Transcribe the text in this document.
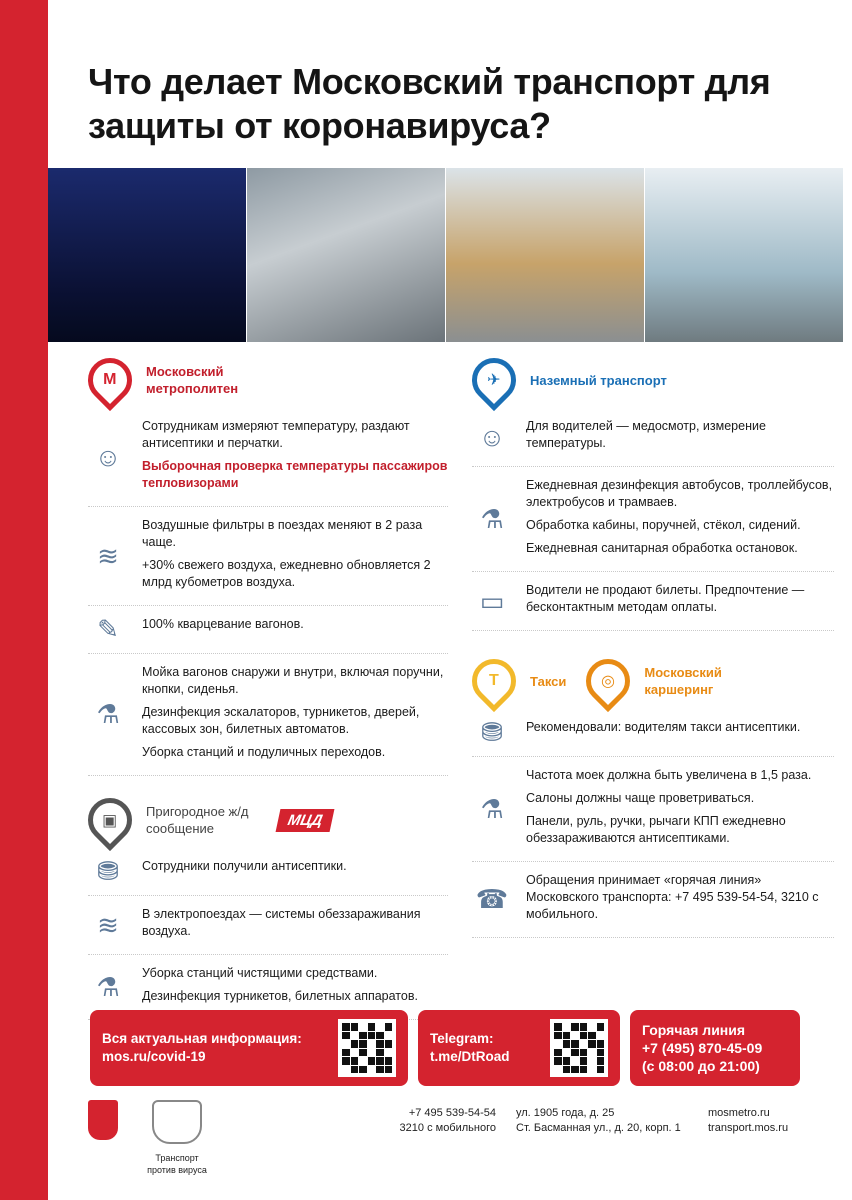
Что делает Московский транспорт для защиты от коронавируса?
М Московский метрополитен
☺

Сотрудникам измеряют температуру, раздают антисептики и перчатки.

Выборочная проверка температуры пассажиров тепловизорами

≋

Воздушные фильтры в поездах меняют в 2 раза чаще.

+30% свежего воздуха, ежедневно обновляется 2 млрд кубометров воздуха.

✎	100% кварцевание вагонов.

⚗

Мойка вагонов снаружи и внутри, включая поручни, кнопки, сиденья.

Дезинфекция эскалаторов, турникетов, дверей, кассовых зон, билетных автоматов.

Уборка станций и подуличных переходов.

▣
Пригородное ж/д сообщение	МЦД
⛃	Сотрудники получили антисептики.

≋	В электропоездах — системы обеззараживания воздуха.

⚗	Уборка станций чистящими средствами.

Дезинфекция турникетов, билетных аппаратов.

✈ Наземный транспорт
☺	Для водителей — медосмотр, измерение температуры.

⚗

Ежедневная дезинфекция автобусов, троллейбусов, электробусов и трамваев.

Обработка кабины, поручней, стёкол, сидений.

Ежедневная санитарная обработка остановок.

▭	Водители не продают билеты. Предпочтение — бесконтактным методам оплаты.

T Такси ◎
Московский каршеринг
⛃	Рекомендовали: водителям такси антисептики.

⚗

Частота моек должна быть увеличена в 1,5 раза.

Салоны должны чаще проветриваться.

Панели, руль, ручки, рычаги КПП ежедневно обеззараживаются антисептиками.

☎

Обращения принимает «горячая линия» Московского транспорта: +7 495 539-54-54, 3210 с мобильного.

Вся актуальная информация:
mos.ru/covid-19
Telegram:
t.me/DtRoad
Горячая линия
+7 (495) 870-45-09
(с 08:00 до 21:00)
Транспорт против вируса
+7 495 539-54-54
3210 с мобильного
ул. 1905 года, д. 25
Ст. Басманная ул., д. 20, корп. 1
mosmetro.ru
transport.mos.ru
